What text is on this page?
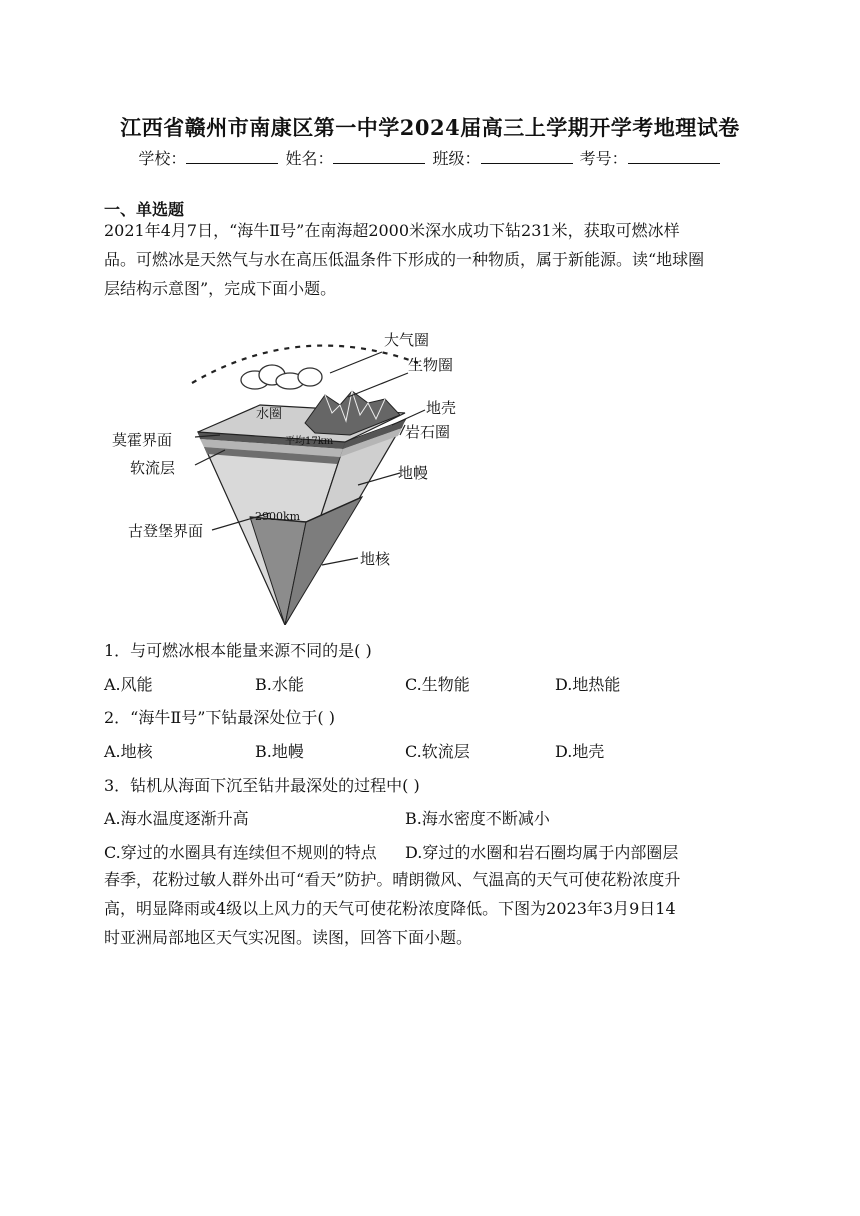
江西省赣州市南康区第一中学2024届高三上学期开学考地理试卷
学校：	姓名：	班级：	考号：
一、单选题
2021年4月7日，“海牛Ⅱ号”在南海超2000米深水成功下钻231米，获取可燃冰样
品。可燃冰是天然气与水在高压低温条件下形成的一种物质，属于新能源。读“地球圈
层结构示意图”，完成下面小题。
大气圈
生物圈
水圈	地壳
岩石圈
莫霍界面	平均17km
软流层	地幔
2900km
古登堡界面
地核
1．与可燃冰根本能量来源不同的是( )
A.风能	B.水能	C.生物能	D.地热能
2．“海牛Ⅱ号”下钻最深处位于( )
A.地核	B.地幔	C.软流层	D.地壳
3．钻机从海面下沉至钻井最深处的过程中( )
A.海水温度逐渐升高	B.海水密度不断减小
C.穿过的水圈具有连续但不规则的特点 D.穿过的水圈和岩石圈均属于内部圈层
春季，花粉过敏人群外出可“看天”防护。晴朗微风、气温高的天气可使花粉浓度升
高，明显降雨或4级以上风力的天气可使花粉浓度降低。下图为2023年3月9日14
时亚洲局部地区天气实况图。读图，回答下面小题。
